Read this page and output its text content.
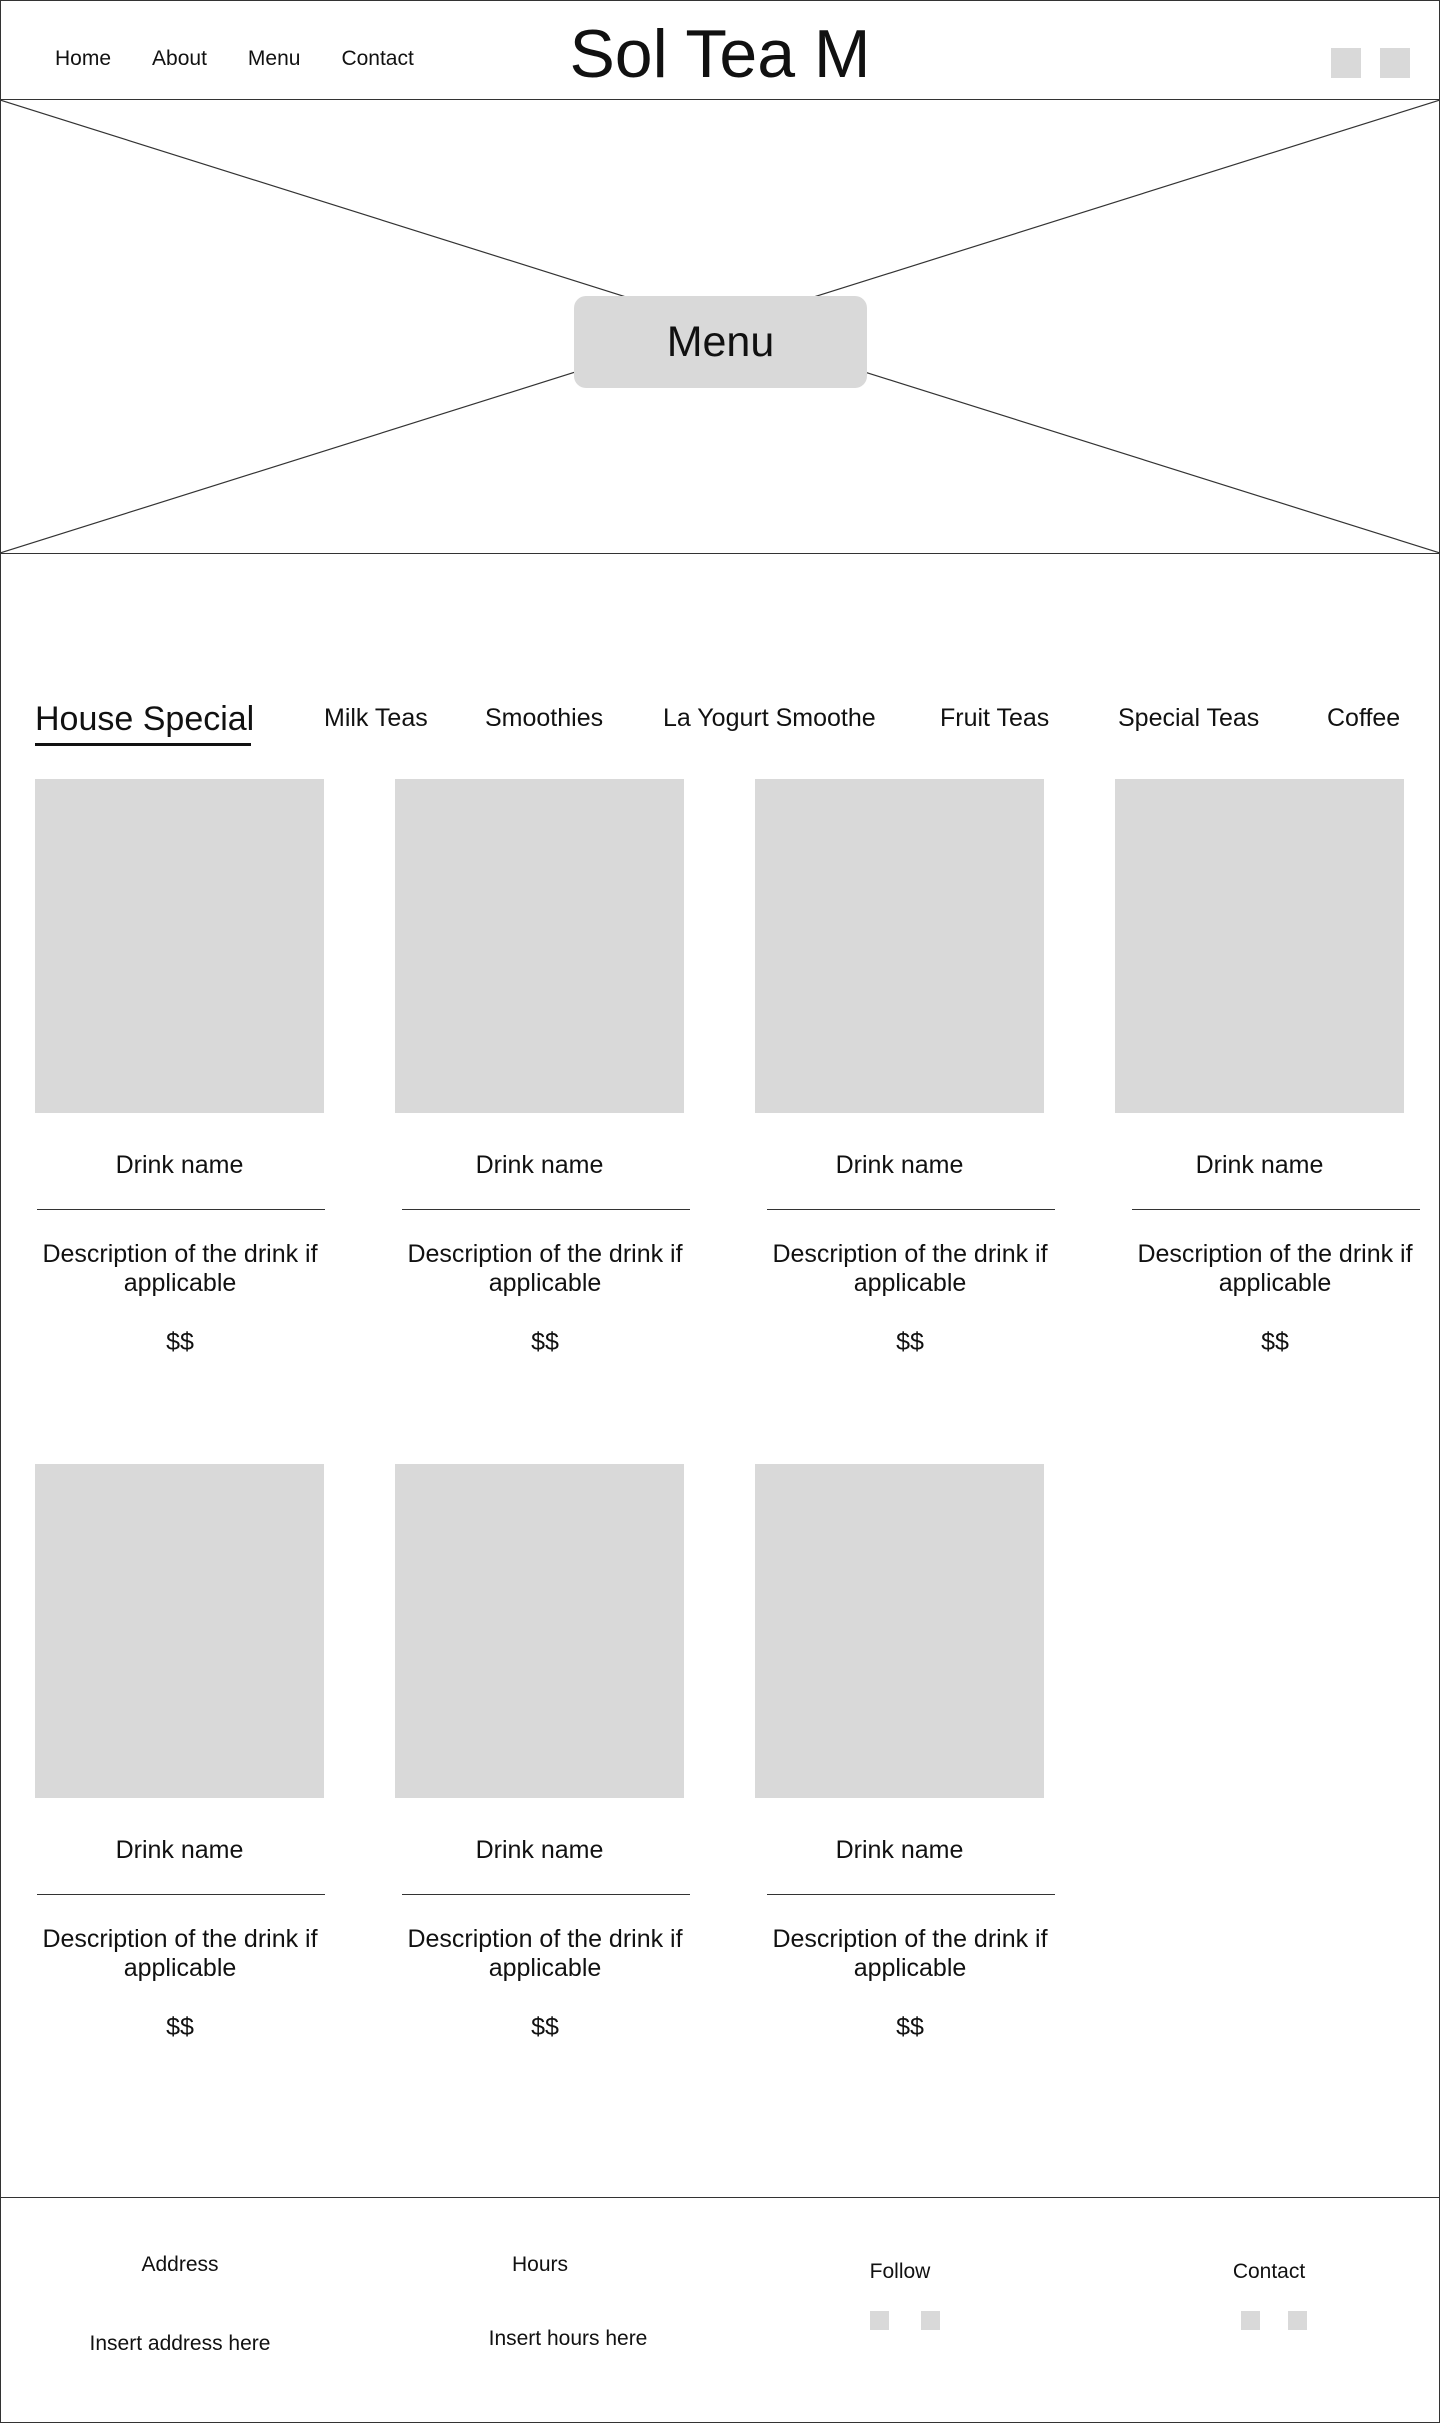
Home About Menu Contact	Sol Tea M
Menu
House Special	Milk Teas Smoothies La Yogurt Smoothe	Fruit Teas	Special Teas	Coffee
Drink name
Description of the drink if applicable
$$
Drink name
Description of the drink if applicable
$$
Drink name
Description of the drink if applicable
$$
Drink name
Description of the drink if applicable
$$
Drink name
Description of the drink if applicable
$$
Drink name
Description of the drink if applicable
$$
Drink name
Description of the drink if applicable
$$
Address
Insert address here
Hours
Insert hours here
Follow	Contact
